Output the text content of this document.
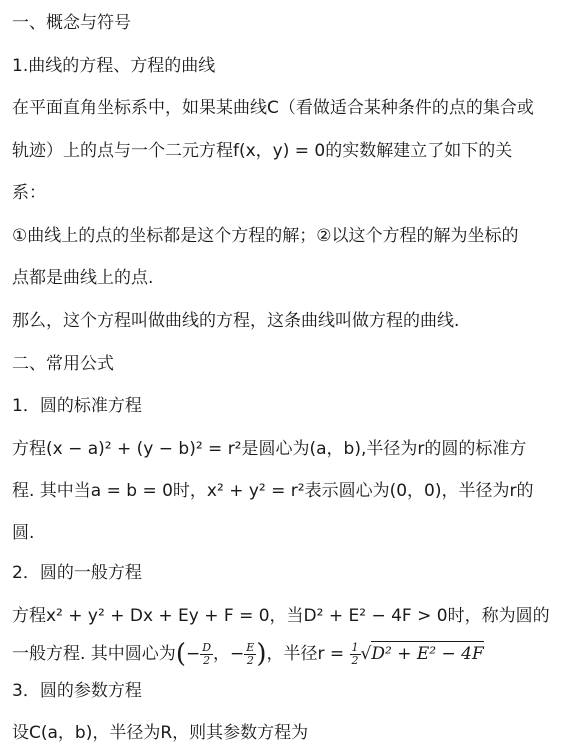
一、概念与符号
1.曲线的方程、方程的曲线
在平面直角坐标系中，如果某曲线C（看做适合某种条件的点的集合或
轨迹）上的点与一个二元方程f(x，y) = 0的实数解建立了如下的关
系：
①曲线上的点的坐标都是这个方程的解；②以这个方程的解为坐标的
点都是曲线上的点.
那么，这个方程叫做曲线的方程，这条曲线叫做方程的曲线.
二、常用公式
1．圆的标准方程
方程(x − a)² + (y − b)² = r²是圆心为(a，b),半径为r的圆的标准方
程. 其中当a = b = 0时，x² + y² = r²表示圆心为(0，0)，半径为r的
圆.
2．圆的一般方程
方程x² + y² + Dx + Ey + F = 0，当D² + E² − 4F > 0时，称为圆的
一般方程. 其中圆心为(− $\frac{D}{2}$ ，− $\frac{E}{2}$ )，半径$r = \frac{1}{2} √D^2 + E^2 - 4F$
3．圆的参数方程
设C(a，b)，半径为R，则其参数方程为
